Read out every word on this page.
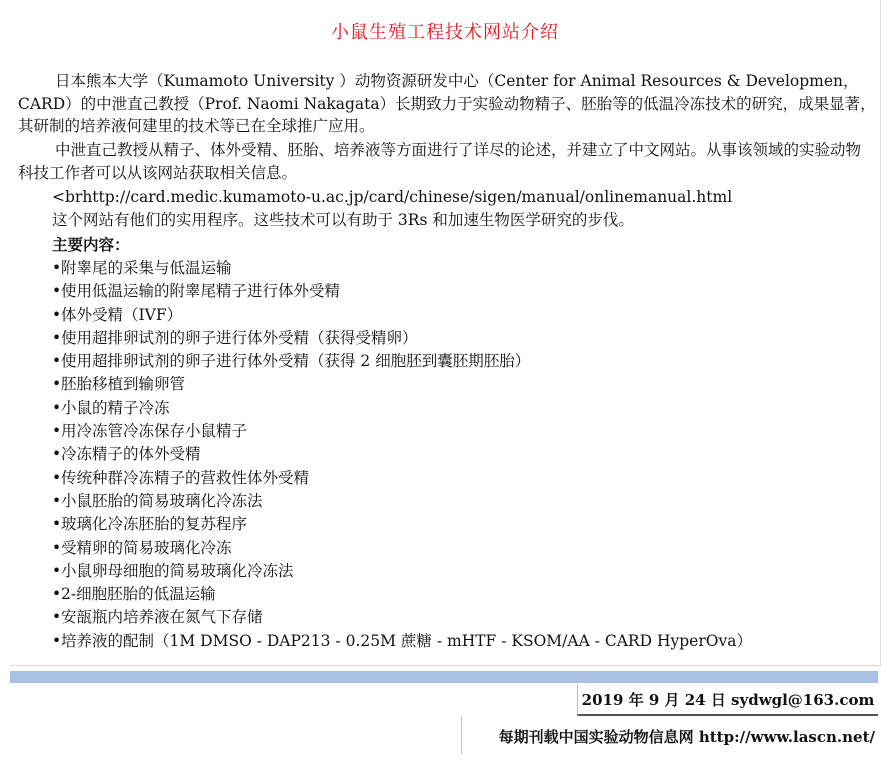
小鼠生殖工程技术网站介绍

日本熊本大学（Kumamoto University ）动物资源研发中心（Center for Animal Resources & Developmen，CARD）的中泄直己教授（Prof. Naomi Nakagata）长期致力于实验动物精子、胚胎等的低温冷冻技术的研究，成果显著，其研制的培养液何建里的技术等已在全球推广应用。

中泄直己教授从精子、体外受精、胚胎、培养液等方面进行了详尽的论述，并建立了中文网站。从事该领域的实验动物科技工作者可以从该网站获取相关信息。

<brhttp://card.medic.kumamoto-u.ac.jp/card/chinese/sigen/manual/onlinemanual.html
这个网站有他们的实用程序。这些技术可以有助于 3Rs 和加速生物医学研究的步伐。
主要内容：
•附睾尾的采集与低温运输
•使用低温运输的附睾尾精子进行体外受精
•体外受精（IVF）
•使用超排卵试剂的卵子进行体外受精（获得受精卵）
•使用超排卵试剂的卵子进行体外受精（获得 2 细胞胚到囊胚期胚胎）
•胚胎移植到输卵管
•小鼠的精子冷冻
•用冷冻管冷冻保存小鼠精子
•冷冻精子的体外受精
•传统种群冷冻精子的营救性体外受精
•小鼠胚胎的简易玻璃化冷冻法
•玻璃化冷冻胚胎的复苏程序
•受精卵的简易玻璃化冷冻
•小鼠卵母细胞的简易玻璃化冷冻法
•2-细胞胚胎的低温运输
•安瓿瓶内培养液在氮气下存储
•培养液的配制（1M DMSO - DAP213 - 0.25M 蔗糖 - mHTF - KSOM/AA - CARD HyperOva）
2019 年 9 月 24 日 sydwgl@163.com
每期刊载中国实验动物信息网 http://www.lascn.net/
